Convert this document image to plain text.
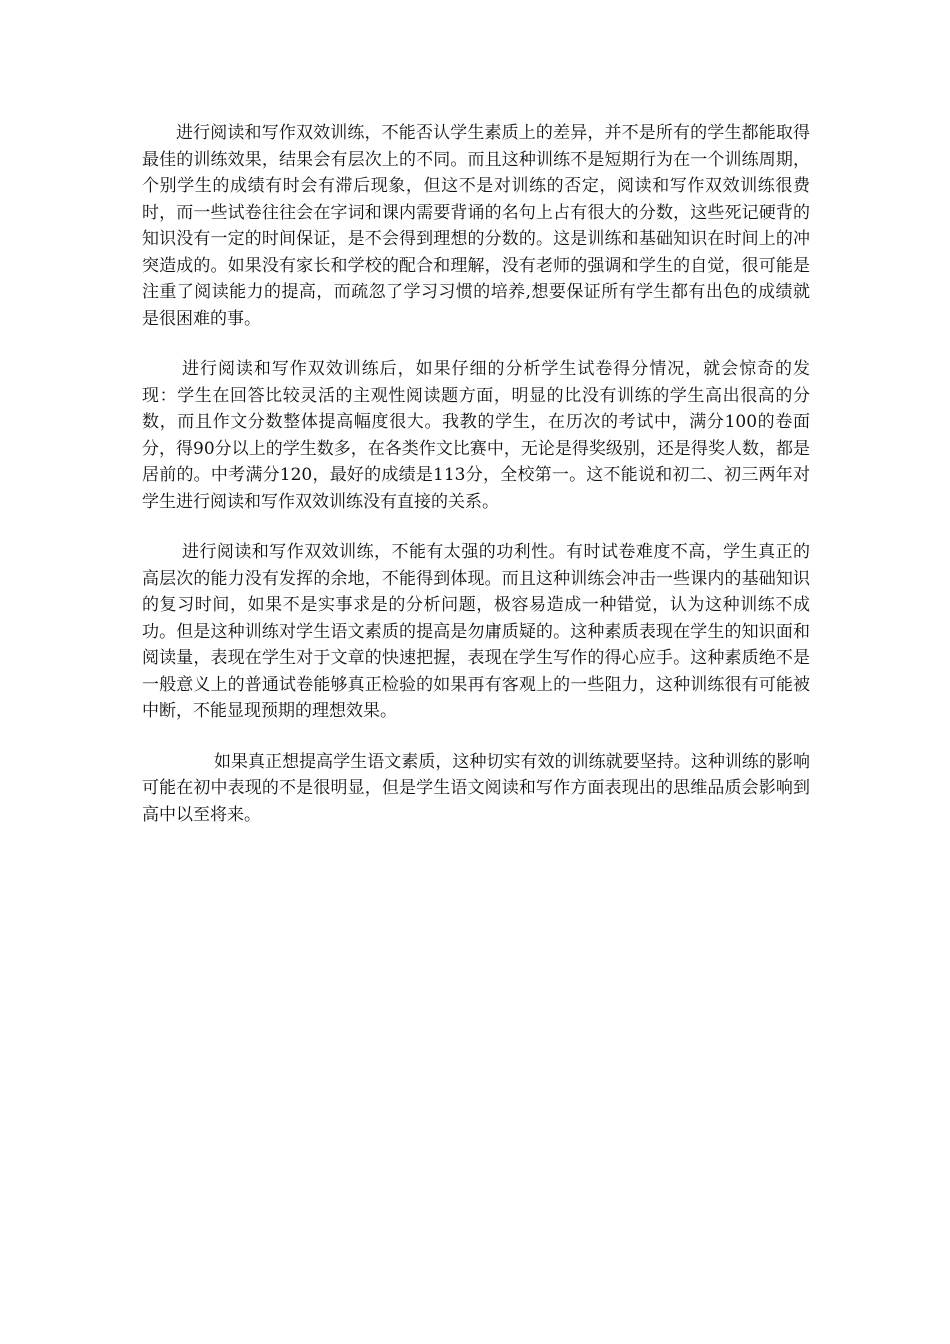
进行阅读和写作双效训练，不能否认学生素质上的差异，并不是所有的学生都能取得最佳的训练效果，结果会有层次上的不同。而且这种训练不是短期行为在一个训练周期，个别学生的成绩有时会有滞后现象，但这不是对训练的否定，阅读和写作双效训练很费时，而一些试卷往往会在字词和课内需要背诵的名句上占有很大的分数，这些死记硬背的知识没有一定的时间保证，是不会得到理想的分数的。这是训练和基础知识在时间上的冲突造成的。如果没有家长和学校的配合和理解，没有老师的强调和学生的自觉，很可能是注重了阅读能力的提高，而疏忽了学习习惯的培养,想要保证所有学生都有出色的成绩就是很困难的事。

进行阅读和写作双效训练后，如果仔细的分析学生试卷得分情况，就会惊奇的发现：学生在回答比较灵活的主观性阅读题方面，明显的比没有训练的学生高出很高的分数，而且作文分数整体提高幅度很大。我教的学生，在历次的考试中，满分100的卷面分，得90分以上的学生数多，在各类作文比赛中，无论是得奖级别，还是得奖人数，都是居前的。中考满分120，最好的成绩是113分，全校第一。这不能说和初二、初三两年对学生进行阅读和写作双效训练没有直接的关系。

进行阅读和写作双效训练，不能有太强的功利性。有时试卷难度不高，学生真正的高层次的能力没有发挥的余地，不能得到体现。而且这种训练会冲击一些课内的基础知识的复习时间，如果不是实事求是的分析问题，极容易造成一种错觉，认为这种训练不成功。但是这种训练对学生语文素质的提高是勿庸质疑的。这种素质表现在学生的知识面和阅读量，表现在学生对于文章的快速把握，表现在学生写作的得心应手。这种素质绝不是一般意义上的普通试卷能够真正检验的如果再有客观上的一些阻力，这种训练很有可能被中断，不能显现预期的理想效果。

如果真正想提高学生语文素质，这种切实有效的训练就要坚持。这种训练的影响可能在初中表现的不是很明显，但是学生语文阅读和写作方面表现出的思维品质会影响到高中以至将来。
